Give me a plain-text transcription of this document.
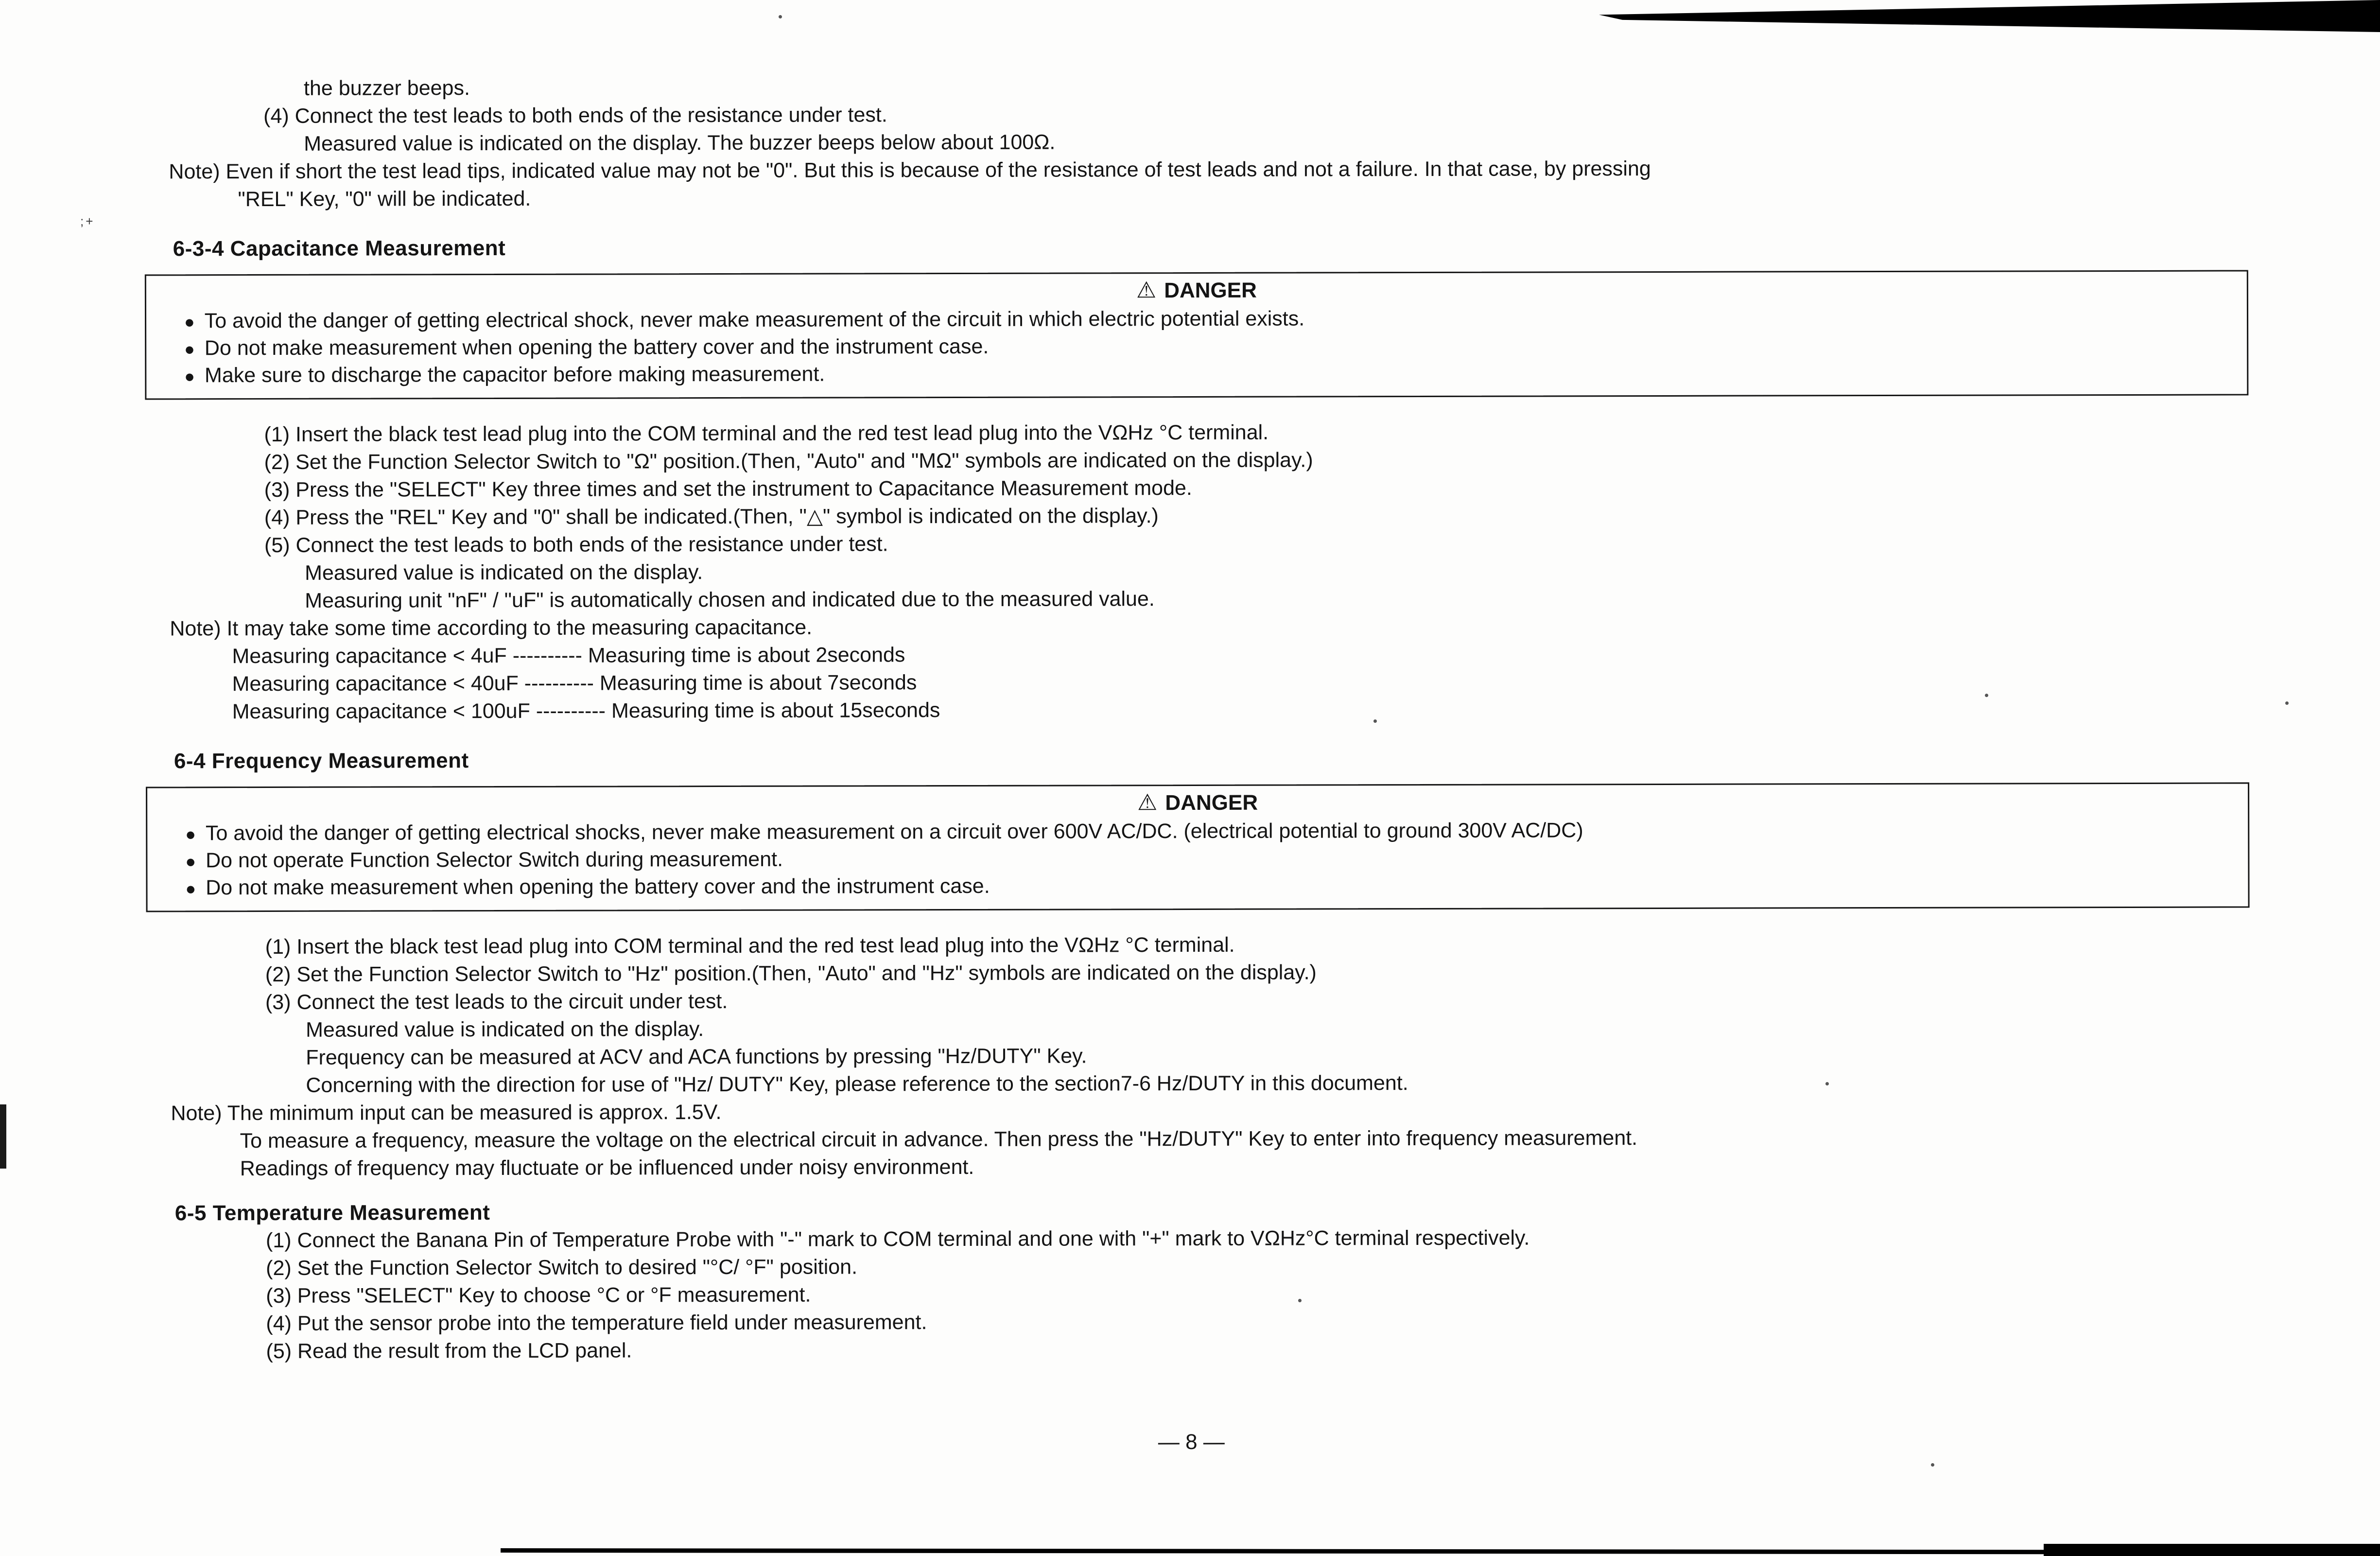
;+

the buzzer beeps.

(4) Connect the test leads to both ends of the resistance under test.

Measured value is indicated on the display. The buzzer beeps below about 100Ω.

Note) Even if short the test lead tips, indicated value may not be "0". But this is because of the resistance of test leads and not a failure. In that case, by pressing

"REL" Key, "0" will be indicated.

6-3-4 Capacitance Measurement

⚠ DANGER

● To avoid the danger of getting electrical shock, never make measurement of the circuit in which electric potential exists.

● Do not make measurement when opening the battery cover and the instrument case.

● Make sure to discharge the capacitor before making measurement.

(1) Insert the black test lead plug into the COM terminal and the red test lead plug into the VΩHz °C terminal.

(2) Set the Function Selector Switch to "Ω" position.(Then, "Auto" and "MΩ" symbols are indicated on the display.)

(3) Press the "SELECT" Key three times and set the instrument to Capacitance Measurement mode.

(4) Press the "REL" Key and "0" shall be indicated.(Then, "△" symbol is indicated on the display.)

(5) Connect the test leads to both ends of the resistance under test.

Measured value is indicated on the display.

Measuring unit "nF" / "uF" is automatically chosen and indicated due to the measured value.

Note) It may take some time according to the measuring capacitance.

Measuring capacitance < 4uF ---------- Measuring time is about 2seconds

Measuring capacitance < 40uF ---------- Measuring time is about 7seconds

Measuring capacitance < 100uF ---------- Measuring time is about 15seconds

6-4 Frequency Measurement

⚠ DANGER

● To avoid the danger of getting electrical shocks, never make measurement on a circuit over 600V AC/DC. (electrical potential to ground 300V AC/DC)

● Do not operate Function Selector Switch during measurement.

● Do not make measurement when opening the battery cover and the instrument case.

(1) Insert the black test lead plug into COM terminal and the red test lead plug into the VΩHz °C terminal.

(2) Set the Function Selector Switch to "Hz" position.(Then, "Auto" and "Hz" symbols are indicated on the display.)

(3) Connect the test leads to the circuit under test.

Measured value is indicated on the display.

Frequency can be measured at ACV and ACA functions by pressing "Hz/DUTY" Key.

Concerning with the direction for use of "Hz/ DUTY" Key, please reference to the section7-6 Hz/DUTY in this document.

Note) The minimum input can be measured is approx. 1.5V.

To measure a frequency, measure the voltage on the electrical circuit in advance. Then press the "Hz/DUTY" Key to enter into frequency measurement.

Readings of frequency may fluctuate or be influenced under noisy environment.

6-5 Temperature Measurement

(1) Connect the Banana Pin of Temperature Probe with "-" mark to COM terminal and one with "+" mark to VΩHz°C terminal respectively.

(2) Set the Function Selector Switch to desired "°C/ °F" position.

(3) Press "SELECT" Key to choose °C or °F measurement.

(4) Put the sensor probe into the temperature field under measurement.

(5) Read the result from the LCD panel.

— 8 —
